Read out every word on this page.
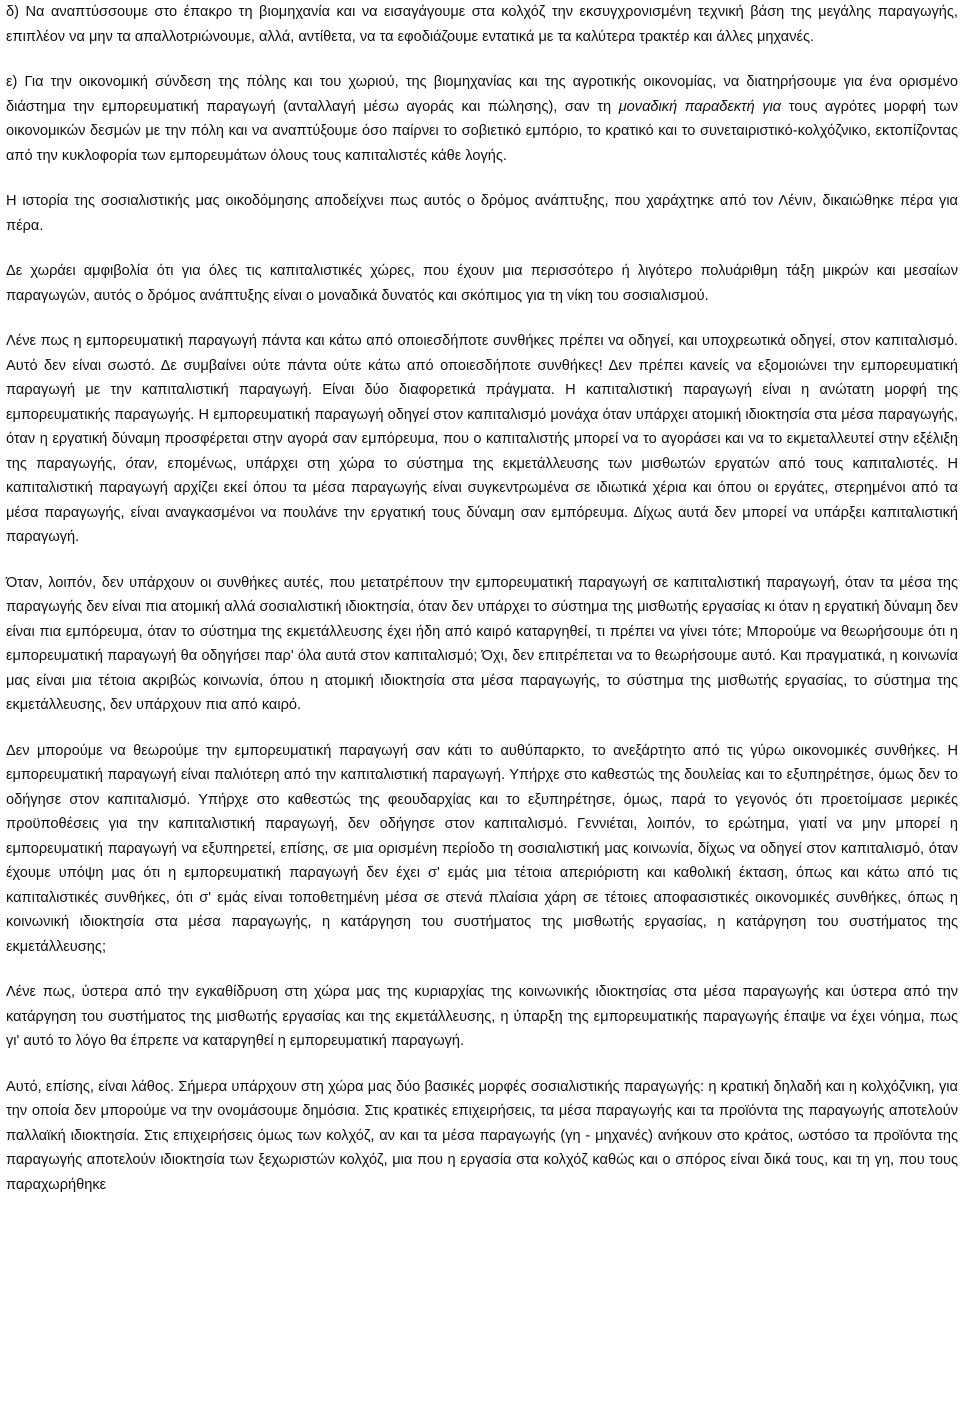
δ) Να αναπτύσσουμε στο έπακρο τη βιομηχανία και να εισαγάγουμε στα κολχόζ την εκσυγχρονισμένη τεχνική βάση της μεγάλης παραγωγής, επιπλέον να μην τα απαλλοτριώνουμε, αλλά, αντίθετα, να τα εφοδιάζουμε εντατικά με τα καλύτερα τρακτέρ και άλλες μηχανές.

ε) Για την οικονομική σύνδεση της πόλης και του χωριού, της βιομηχανίας και της αγροτικής οικονομίας, να διατηρήσουμε για ένα ορισμένο διάστημα την εμπορευματική παραγωγή (ανταλλαγή μέσω αγοράς και πώλησης), σαν τη μοναδική παραδεκτή για τους αγρότες μορφή των οικονομικών δεσμών με την πόλη και να αναπτύξουμε όσο παίρνει το σοβιετικό εμπόριο, το κρατικό και το συνεταιριστικό-κολχόζνικο, εκτοπίζοντας από την κυκλοφορία των εμπορευμάτων όλους τους καπιταλιστές κάθε λογής.

Η ιστορία της σοσιαλιστικής μας οικοδόμησης αποδείχνει πως αυτός ο δρόμος ανάπτυξης, που χαράχτηκε από τον Λένιν, δικαιώθηκε πέρα για πέρα.

Δε χωράει αμφιβολία ότι για όλες τις καπιταλιστικές χώρες, που έχουν μια περισσότερο ή λιγότερο πολυάριθμη τάξη μικρών και μεσαίων παραγωγών, αυτός ο δρόμος ανάπτυξης είναι ο μοναδικά δυνατός και σκόπιμος για τη νίκη του σοσιαλισμού.

Λένε πως η εμπορευματική παραγωγή πάντα και κάτω από οποιεσδήποτε συνθήκες πρέπει να οδηγεί, και υποχρεωτικά οδηγεί, στον καπιταλισμό. Αυτό δεν είναι σωστό. Δε συμβαίνει ούτε πάντα ούτε κάτω από οποιεσδήποτε συνθήκες! Δεν πρέπει κανείς να εξομοιώνει την εμπορευματική παραγωγή με την καπιταλιστική παραγωγή. Είναι δύο διαφορετικά πράγματα. Η καπιταλιστική παραγωγή είναι η ανώτατη μορφή της εμπορευματικής παραγωγής. Η εμπορευματική παραγωγή οδηγεί στον καπιταλισμό μονάχα όταν υπάρχει ατομική ιδιοκτησία στα μέσα παραγωγής, όταν η εργατική δύναμη προσφέρεται στην αγορά σαν εμπόρευμα, που ο καπιταλιστής μπορεί να το αγοράσει και να το εκμεταλλευτεί στην εξέλιξη της παραγωγής, όταν, επομένως, υπάρχει στη χώρα το σύστημα της εκμετάλλευσης των μισθωτών εργατών από τους καπιταλιστές. Η καπιταλιστική παραγωγή αρχίζει εκεί όπου τα μέσα παραγωγής είναι συγκεντρωμένα σε ιδιωτικά χέρια και όπου οι εργάτες, στερημένοι από τα μέσα παραγωγής, είναι αναγκασμένοι να πουλάνε την εργατική τους δύναμη σαν εμπόρευμα. Δίχως αυτά δεν μπορεί να υπάρξει καπιταλιστική παραγωγή.

Όταν, λοιπόν, δεν υπάρχουν οι συνθήκες αυτές, που μετατρέπουν την εμπορευματική παραγωγή σε καπιταλιστική παραγωγή, όταν τα μέσα της παραγωγής δεν είναι πια ατομική αλλά σοσιαλιστική ιδιοκτησία, όταν δεν υπάρχει το σύστημα της μισθωτής εργασίας κι όταν η εργατική δύναμη δεν είναι πια εμπόρευμα, όταν το σύστημα της εκμετάλλευσης έχει ήδη από καιρό καταργηθεί, τι πρέπει να γίνει τότε; Μπορούμε να θεωρήσουμε ότι η εμπορευματική παραγωγή θα οδηγήσει παρ' όλα αυτά στον καπιταλισμό; Όχι, δεν επιτρέπεται να το θεωρήσουμε αυτό. Και πραγματικά, η κοινωνία μας είναι μια τέτοια ακριβώς κοινωνία, όπου η ατομική ιδιοκτησία στα μέσα παραγωγής, το σύστημα της μισθωτής εργασίας, το σύστημα της εκμετάλλευσης, δεν υπάρχουν πια από καιρό.

Δεν μπορούμε να θεωρούμε την εμπορευματική παραγωγή σαν κάτι το αυθύπαρκτο, το ανεξάρτητο από τις γύρω οικονομικές συνθήκες. Η εμπορευματική παραγωγή είναι παλιότερη από την καπιταλιστική παραγωγή. Υπήρχε στο καθεστώς της δουλείας και το εξυπηρέτησε, όμως δεν το οδήγησε στον καπιταλισμό. Υπήρχε στο καθεστώς της φεουδαρχίας και το εξυπηρέτησε, όμως, παρά το γεγονός ότι προετοίμασε μερικές προϋποθέσεις για την καπιταλιστική παραγωγή, δεν οδήγησε στον καπιταλισμό. Γεννιέται, λοιπόν, το ερώτημα, γιατί να μην μπορεί η εμπορευματική παραγωγή να εξυπηρετεί, επίσης, σε μια ορισμένη περίοδο τη σοσιαλιστική μας κοινωνία, δίχως να οδηγεί στον καπιταλισμό, όταν έχουμε υπόψη μας ότι η εμπορευματική παραγωγή δεν έχει σ' εμάς μια τέτοια απεριόριστη και καθολική έκταση, όπως και κάτω από τις καπιταλιστικές συνθήκες, ότι σ' εμάς είναι τοποθετημένη μέσα σε στενά πλαίσια χάρη σε τέτοιες αποφασιστικές οικονομικές συνθήκες, όπως η κοινωνική ιδιοκτησία στα μέσα παραγωγής, η κατάργηση του συστήματος της μισθωτής εργασίας, η κατάργηση του συστήματος της εκμετάλλευσης;

Λένε πως, ύστερα από την εγκαθίδρυση στη χώρα μας της κυριαρχίας της κοινωνικής ιδιοκτησίας στα μέσα παραγωγής και ύστερα από την κατάργηση του συστήματος της μισθωτής εργασίας και της εκμετάλλευσης, η ύπαρξη της εμπορευματικής παραγωγής έπαψε να έχει νόημα, πως γι' αυτό το λόγο θα έπρεπε να καταργηθεί η εμπορευματική παραγωγή.

Αυτό, επίσης, είναι λάθος. Σήμερα υπάρχουν στη χώρα μας δύο βασικές μορφές σοσιαλιστικής παραγωγής: η κρατική δηλαδή και η κολχόζνικη, για την οποία δεν μπορούμε να την ονομάσουμε δημόσια. Στις κρατικές επιχειρήσεις, τα μέσα παραγωγής και τα προϊόντα της παραγωγής αποτελούν παλλαϊκή ιδιοκτησία. Στις επιχειρήσεις όμως των κολχόζ, αν και τα μέσα παραγωγής (γη - μηχανές) ανήκουν στο κράτος, ωστόσο τα προϊόντα της παραγωγής αποτελούν ιδιοκτησία των ξεχωριστών κολχόζ, μια που η εργασία στα κολχόζ καθώς και ο σπόρος είναι δικά τους, και τη γη, που τους παραχωρήθηκε
